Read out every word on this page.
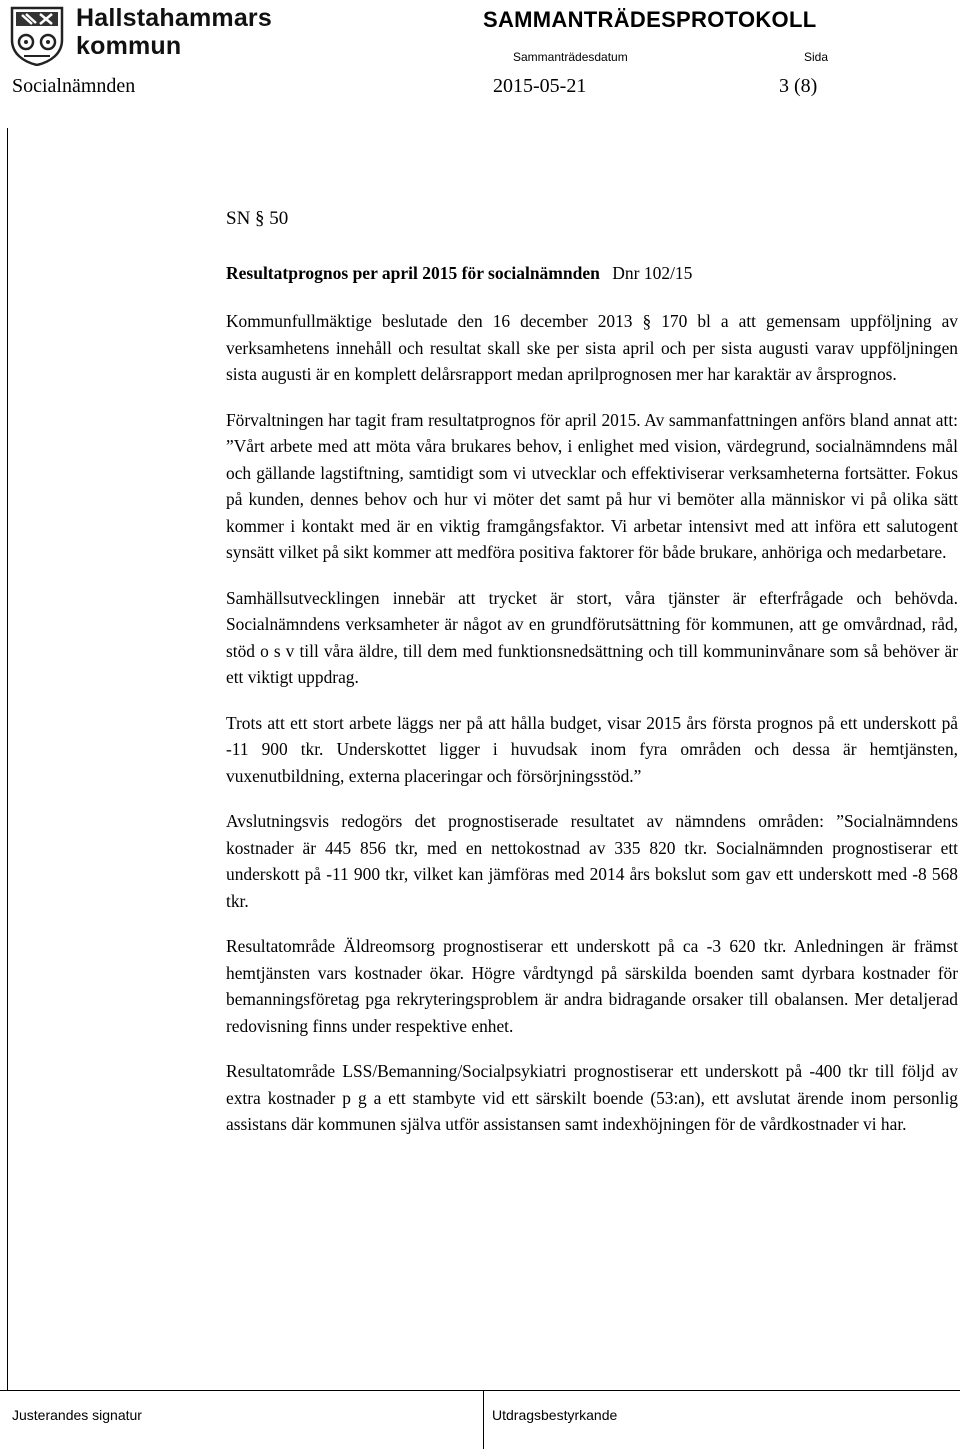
Hallstahammars
kommun
SAMMANTRÄDESPROTOKOLL
Sammanträdesdatum	Sida
Socialnämnden	2015-05-21	3 (8)
SN § 50
Resultatprognos per april 2015 för socialnämnden Dnr 102/15

Kommunfullmäktige beslutade den 16 december 2013 § 170 bl a att gemensam uppföljning av verksamhetens innehåll och resultat skall ske per sista april och per sista augusti varav uppföljningen sista augusti är en komplett delårsrapport medan aprilprognosen mer har karaktär av årsprognos.

Förvaltningen har tagit fram resultatprognos för april 2015. Av sammanfattningen anförs bland annat att: ”Vårt arbete med att möta våra brukares behov, i enlighet med vision, värdegrund, socialnämndens mål och gällande lagstiftning, samtidigt som vi utvecklar och effektiviserar verksamheterna fortsätter. Fokus på kunden, dennes behov och hur vi möter det samt på hur vi bemöter alla människor vi på olika sätt kommer i kontakt med är en viktig framgångsfaktor. Vi arbetar intensivt med att införa ett salutogent synsätt vilket på sikt kommer att medföra positiva faktorer för både brukare, anhöriga och medarbetare.

Samhällsutvecklingen innebär att trycket är stort, våra tjänster är efterfrågade och behövda. Socialnämndens verksamheter är något av en grundförutsättning för kommunen, att ge omvårdnad, råd, stöd o s v till våra äldre, till dem med funktionsnedsättning och till kommuninvånare som så behöver är ett viktigt uppdrag.

Trots att ett stort arbete läggs ner på att hålla budget, visar 2015 års första prognos på ett underskott på -11 900 tkr. Underskottet ligger i huvudsak inom fyra områden och dessa är hemtjänsten, vuxenutbildning, externa placeringar och försörjningsstöd.”

Avslutningsvis redogörs det prognostiserade resultatet av nämndens områden: ”Socialnämndens kostnader är 445 856 tkr, med en nettokostnad av 335 820 tkr. Socialnämnden prognostiserar ett underskott på -11 900 tkr, vilket kan jämföras med 2014 års bokslut som gav ett underskott med -8 568 tkr.

Resultatområde Äldreomsorg prognostiserar ett underskott på ca -3 620 tkr. Anledningen är främst hemtjänsten vars kostnader ökar. Högre vårdtyngd på särskilda boenden samt dyrbara kostnader för bemanningsföretag pga rekryteringsproblem är andra bidragande orsaker till obalansen. Mer detaljerad redovisning finns under respektive enhet.

Resultatområde LSS/Bemanning/Socialpsykiatri prognostiserar ett underskott på -400 tkr till följd av extra kostnader p g a ett stambyte vid ett särskilt boende (53:an), ett avslutat ärende inom personlig assistans där kommunen själva utför assistansen samt indexhöjningen för de vårdkostnader vi har.

Justerandes signatur	Utdragsbestyrkande
